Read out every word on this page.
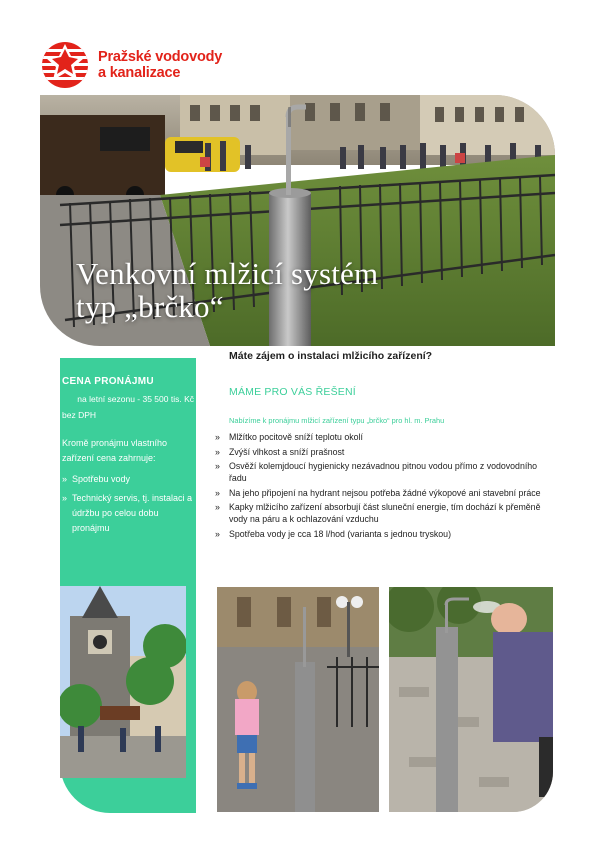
Pražské vodovody
a kanalizace
Venkovní mlžicí systém
typ „brčko“
CENA PRONÁJMU
na letní sezonu - 35 500 tis. Kč
bez DPH
Kromě pronájmu vlastního zařízení cena zahrnuje:
» Spotřebu vody
» Technický servis, tj. instalaci a údržbu po celou dobu pronájmu
Máte zájem o instalaci mlžicího zařízení?
MÁME PRO VÁS ŘEŠENÍ
Nabízíme k pronájmu mlžicí zařízení typu „brčko“ pro hl. m. Prahu
» Mlžítko pocitově sníží teplotu okolí
» Zvýší vlhkost a sníží prašnost
» Osvěží kolemjdoucí hygienicky nezávadnou pitnou vodou přímo z vodovodního řadu
» Na jeho připojení na hydrant nejsou potřeba žádné výkopové ani stavební práce
» Kapky mlžicího zařízení absorbují část sluneční energie, tím dochází k přeměně vody na páru a k ochlazování vzduchu
» Spotřeba vody je cca 18 l/hod (varianta s jednou tryskou)
